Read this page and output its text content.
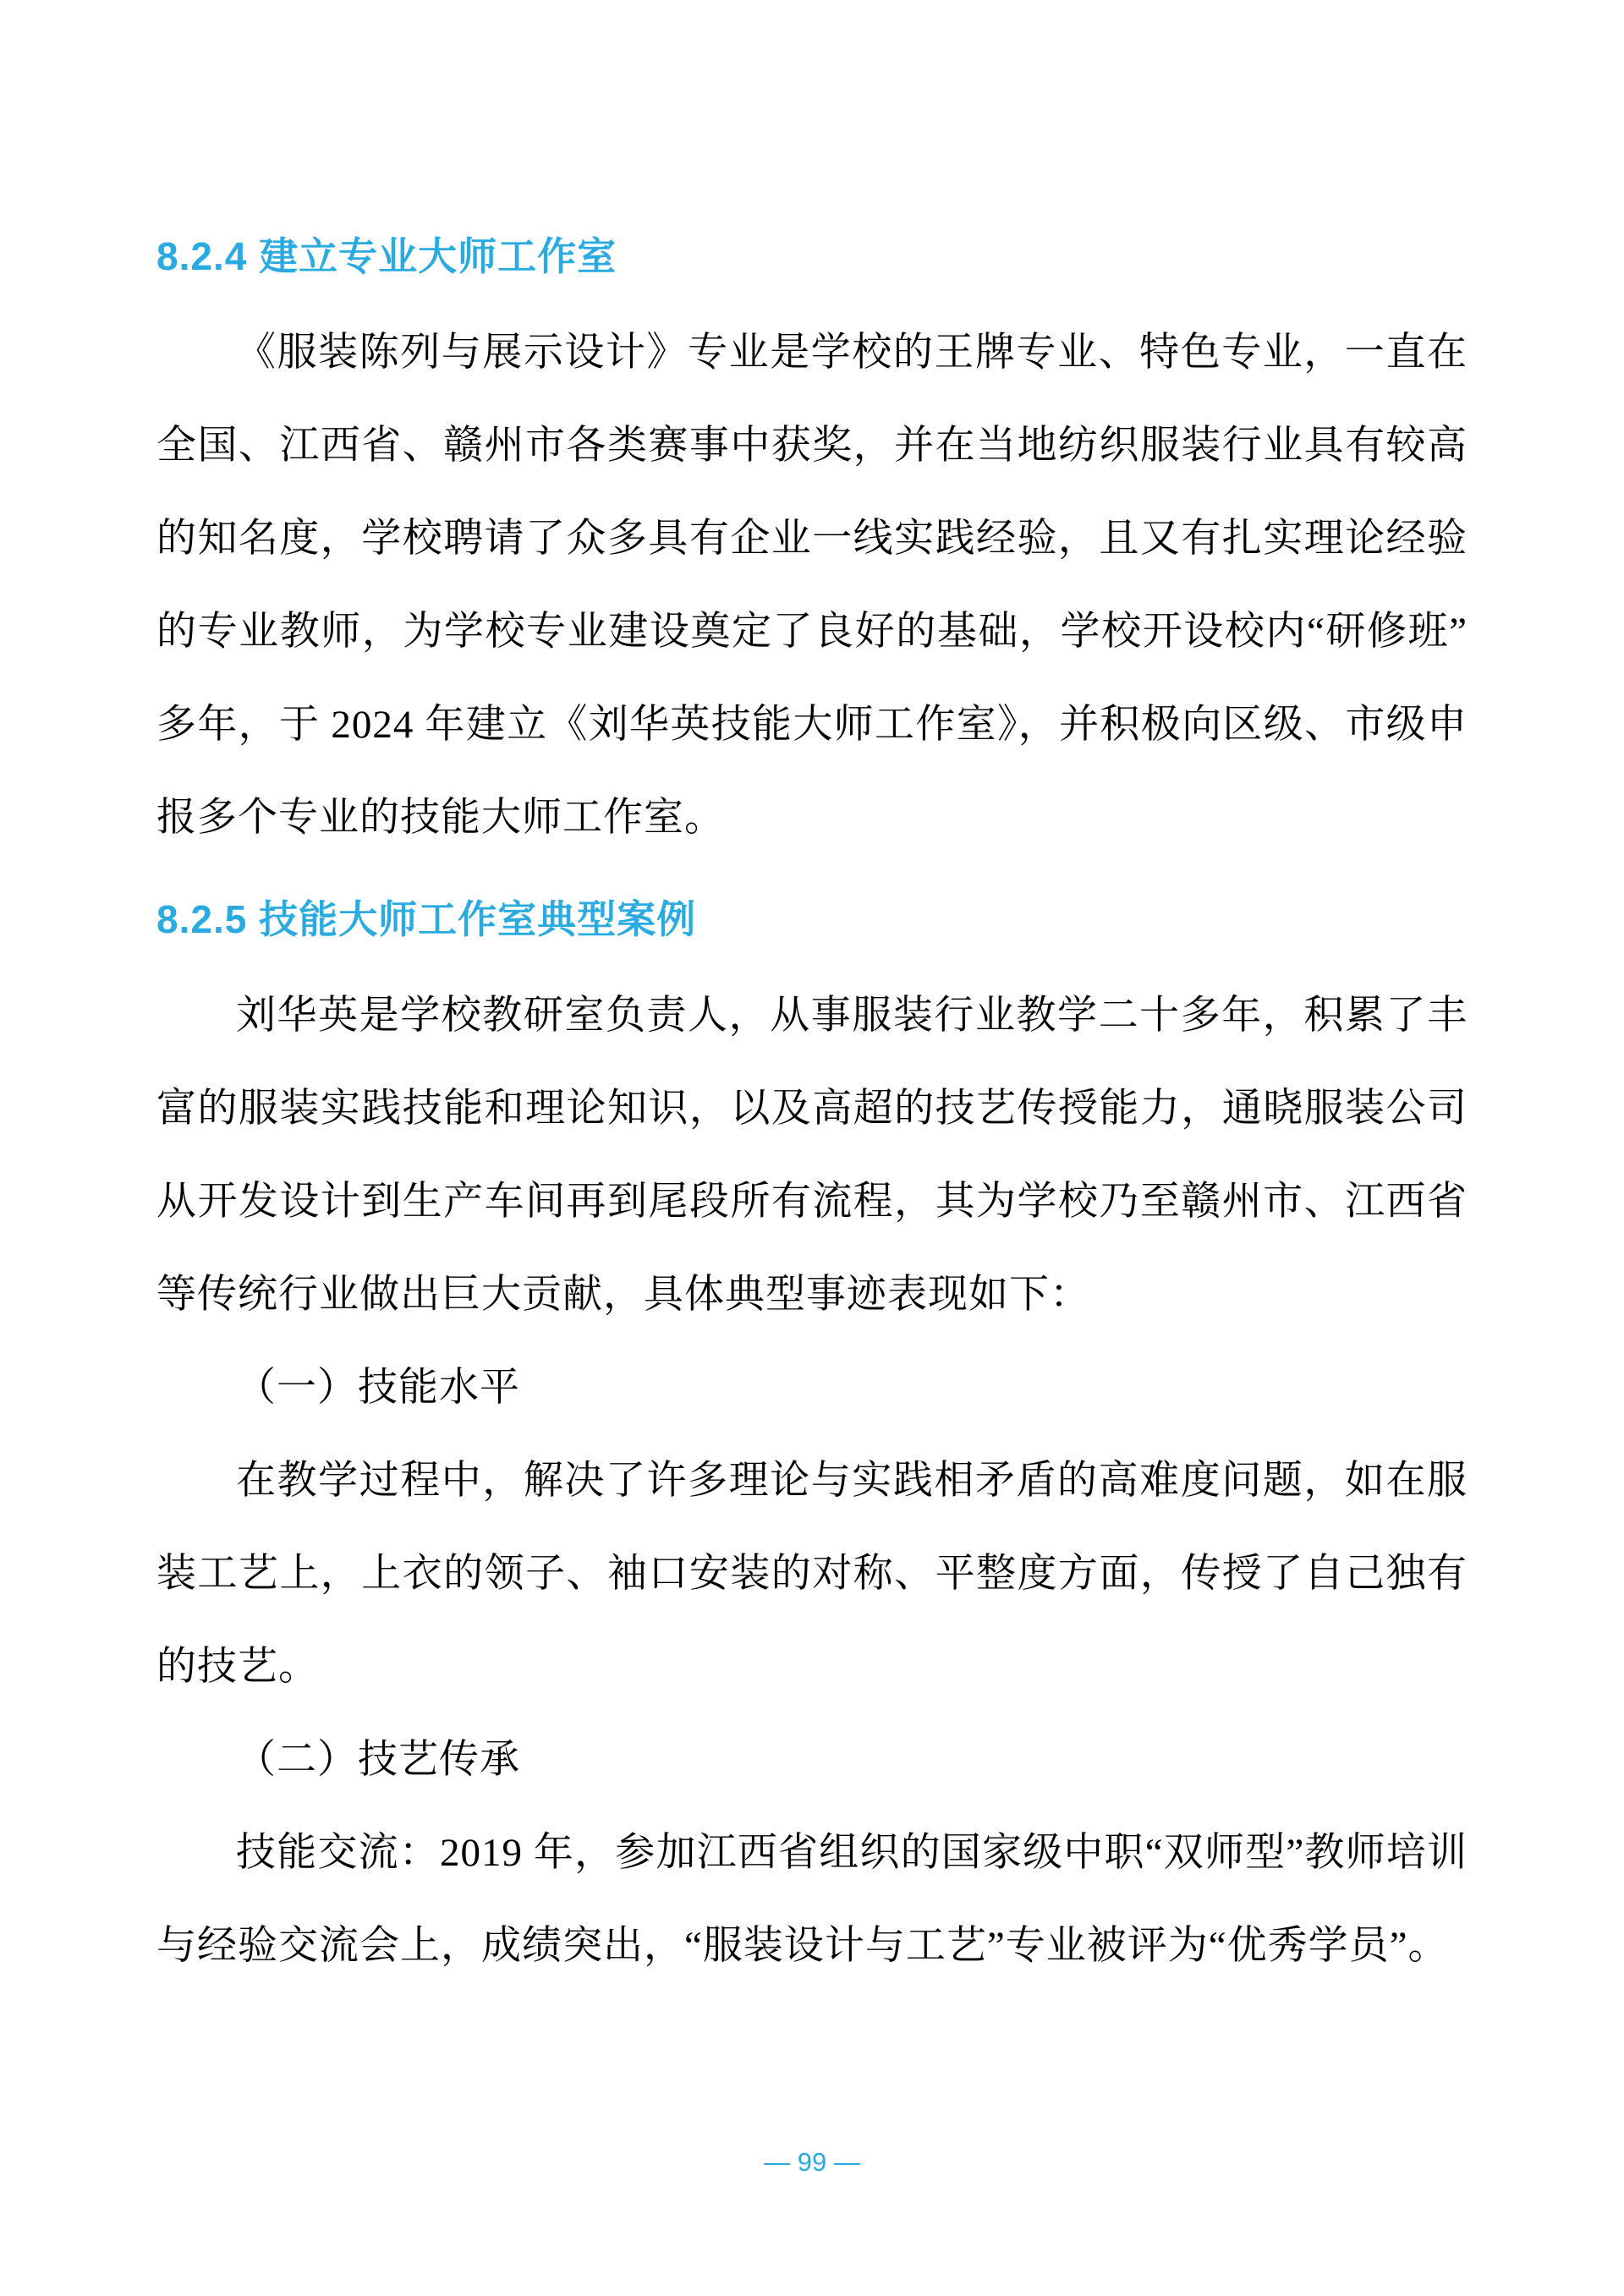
8.2.4 建立专业大师工作室

《服装陈列与展示设计》专业是学校的王牌专业、特色专业，一直在全国、江西省、赣州市各类赛事中获奖，并在当地纺织服装行业具有较高的知名度，学校聘请了众多具有企业一线实践经验，且又有扎实理论经验的专业教师，为学校专业建设奠定了良好的基础，学校开设校内“研修班”多年，于 2024 年建立《刘华英技能大师工作室》，并积极向区级、市级申报多个专业的技能大师工作室。

8.2.5 技能大师工作室典型案例

刘华英是学校教研室负责人，从事服装行业教学二十多年，积累了丰富的服装实践技能和理论知识，以及高超的技艺传授能力，通晓服装公司从开发设计到生产车间再到尾段所有流程，其为学校乃至赣州市、江西省等传统行业做出巨大贡献，具体典型事迹表现如下：

（一）技能水平

在教学过程中，解决了许多理论与实践相矛盾的高难度问题，如在服装工艺上，上衣的领子、袖口安装的对称、平整度方面，传授了自己独有的技艺。

（二）技艺传承

技能交流：2019 年，参加江西省组织的国家级中职“双师型”教师培训与经验交流会上，成绩突出，“服装设计与工艺”专业被评为“优秀学员”。

— 99 —
